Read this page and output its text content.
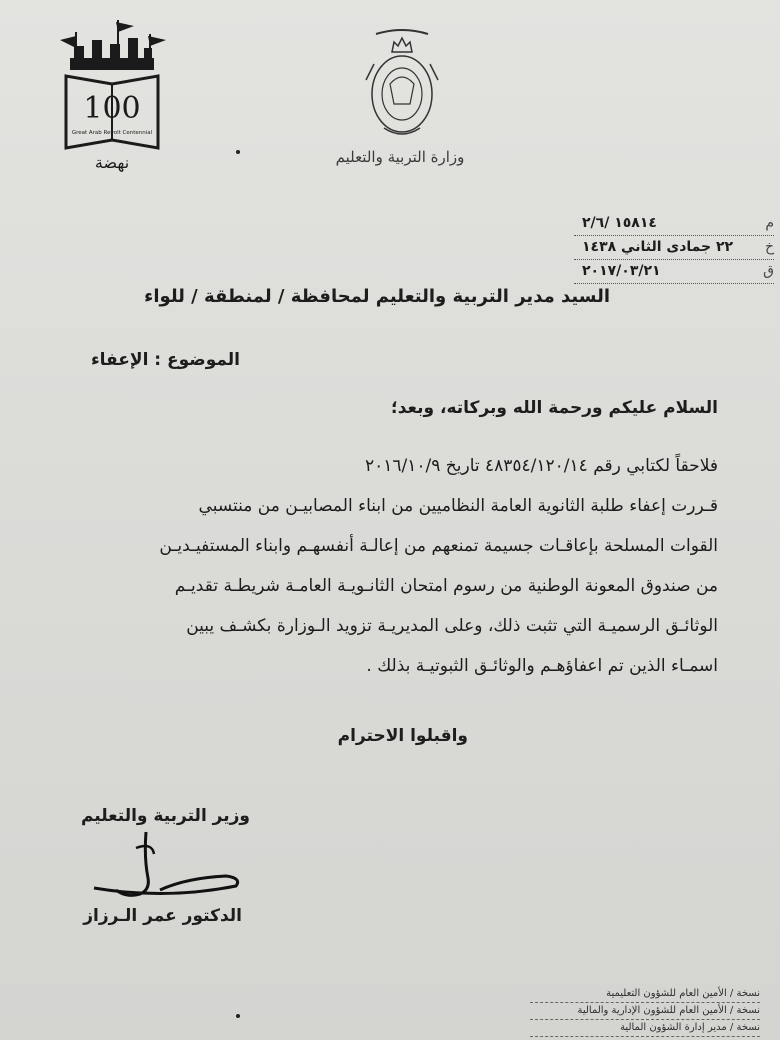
100
Great Arab Revolt Centennial
نهضة	وزارة التربية والتعليم
م
١٥٨١٤ /٢/٦
خ
٢٢ جمادى الثاني ١٤٣٨
ق
٢٠١٧/٠٣/٢١
السيد مدير التربية والتعليم لمحافظة / لمنطقة / للواء
الموضوع : الإعفاء
السلام عليكم ورحمة الله وبركاته، وبعد؛

فلاحقاً لكتابي رقم ٤٨٣٥٤/١٢٠/١٤ تاريخ ٢٠١٦/١٠/٩

قـررت إعفاء طلبة الثانوية العامة النظاميين من ابناء المصابيـن من منتسبي

القوات المسلحة بإعاقـات جسيمة تمنعهم من إعالـة أنفسهـم وابناء المستفيـديـن

من صندوق المعونة الوطنية من رسوم امتحان الثانـويـة العامـة شريطـة تقديـم

الوثائـق الرسميـة التي تثبت ذلك، وعلى المديريـة تزويد الـوزارة بكشـف يبين

اسمـاء الذين تم اعفاؤهـم والوثائـق الثبوتيـة بذلك .

واقبلوا الاحترام
وزير التربية والتعليم
الدكتور عمر الـرزاز
نسخة / الأمين العام للشؤون التعليمية
نسخة / الأمين العام للشؤون الإدارية والمالية
نسخة / مدير إدارة الشؤون المالية
